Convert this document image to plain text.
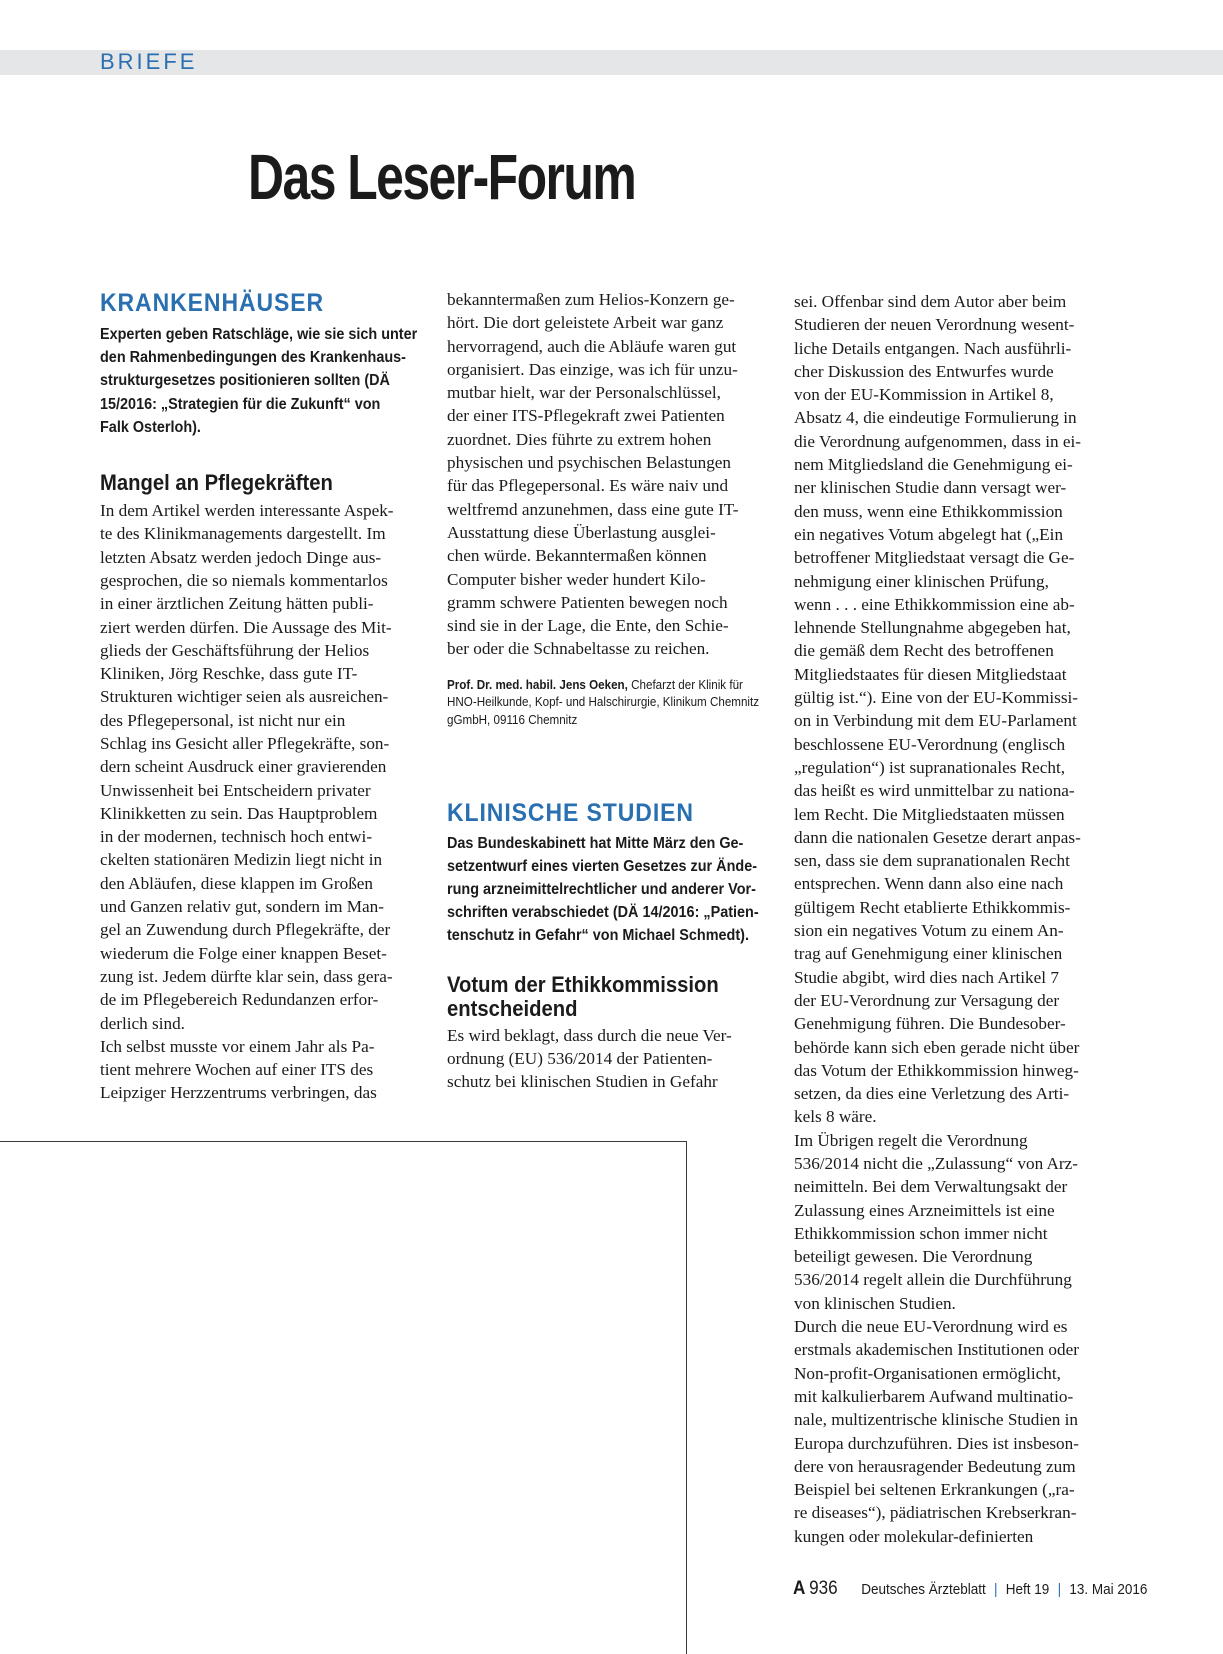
BRIEFE
Das Leser-Forum
KRANKENHÄUSER
Experten geben Ratschläge, wie sie sich unter
den Rahmenbedingungen des Krankenhaus-
strukturgesetzes positionieren sollten (DÄ
15/2016: „Strategien für die Zukunft“ von
Falk Osterloh).
Mangel an Pflegekräften
In dem Artikel werden interessante Aspek-
te des Klinikmanagements dargestellt. Im
letzten Absatz werden jedoch Dinge aus-
gesprochen, die so niemals kommentarlos
in einer ärztlichen Zeitung hätten publi-
ziert werden dürfen. Die Aussage des Mit-
glieds der Geschäftsführung der Helios
Kliniken, Jörg Reschke, dass gute IT-
Strukturen wichtiger seien als ausreichen-
des Pflegepersonal, ist nicht nur ein
Schlag ins Gesicht aller Pflegekräfte, son-
dern scheint Ausdruck einer gravierenden
Unwissenheit bei Entscheidern privater
Klinikketten zu sein. Das Hauptproblem
in der modernen, technisch hoch entwi-
ckelten stationären Medizin liegt nicht in
den Abläufen, diese klappen im Großen
und Ganzen relativ gut, sondern im Man-
gel an Zuwendung durch Pflegekräfte, der
wiederum die Folge einer knappen Beset-
zung ist. Jedem dürfte klar sein, dass gera-
de im Pflegebereich Redundanzen erfor-
derlich sind.
Ich selbst musste vor einem Jahr als Pa-
tient mehrere Wochen auf einer ITS des
Leipziger Herzzentrums verbringen, das
bekanntermaßen zum Helios-Konzern ge-
hört. Die dort geleistete Arbeit war ganz
hervorragend, auch die Abläufe waren gut
organisiert. Das einzige, was ich für unzu-
mutbar hielt, war der Personalschlüssel,
der einer ITS-Pflegekraft zwei Patienten
zuordnet. Dies führte zu extrem hohen
physischen und psychischen Belastungen
für das Pflegepersonal. Es wäre naiv und
weltfremd anzunehmen, dass eine gute IT-
Ausstattung diese Überlastung ausglei-
chen würde. Bekanntermaßen können
Computer bisher weder hundert Kilo-
gramm schwere Patienten bewegen noch
sind sie in der Lage, die Ente, den Schie-
ber oder die Schnabeltasse zu reichen.
Prof. Dr. med. habil. Jens Oeken, Chefarzt der Klinik für
HNO-Heilkunde, Kopf- und Halschirurgie, Klinikum Chemnitz
gGmbH, 09116 Chemnitz
KLINISCHE STUDIEN
Das Bundeskabinett hat Mitte März den Ge-
setzentwurf eines vierten Gesetzes zur Ände-
rung arzneimittelrechtlicher und anderer Vor-
schriften verabschiedet (DÄ 14/2016: „Patien-
tenschutz in Gefahr“ von Michael Schmedt).
Votum der Ethikkommission
entscheidend
Es wird beklagt, dass durch die neue Ver-
ordnung (EU) 536/2014 der Patienten-
schutz bei klinischen Studien in Gefahr
sei. Offenbar sind dem Autor aber beim
Studieren der neuen Verordnung wesent-
liche Details entgangen. Nach ausführli-
cher Diskussion des Entwurfes wurde
von der EU-Kommission in Artikel 8,
Absatz 4, die eindeutige Formulierung in
die Verordnung aufgenommen, dass in ei-
nem Mitgliedsland die Genehmigung ei-
ner klinischen Studie dann versagt wer-
den muss, wenn eine Ethikkommission
ein negatives Votum abgelegt hat („Ein
betroffener Mitgliedstaat versagt die Ge-
nehmigung einer klinischen Prüfung,
wenn . . . eine Ethikkommission eine ab-
lehnende Stellungnahme abgegeben hat,
die gemäß dem Recht des betroffenen
Mitgliedstaates für diesen Mitgliedstaat
gültig ist.“). Eine von der EU-Kommissi-
on in Verbindung mit dem EU-Parlament
beschlossene EU-Verordnung (englisch
„regulation“) ist supranationales Recht,
das heißt es wird unmittelbar zu nationa-
lem Recht. Die Mitgliedstaaten müssen
dann die nationalen Gesetze derart anpas-
sen, dass sie dem supranationalen Recht
entsprechen. Wenn dann also eine nach
gültigem Recht etablierte Ethikkommis-
sion ein negatives Votum zu einem An-
trag auf Genehmigung einer klinischen
Studie abgibt, wird dies nach Artikel 7
der EU-Verordnung zur Versagung der
Genehmigung führen. Die Bundesober-
behörde kann sich eben gerade nicht über
das Votum der Ethikkommission hinweg-
setzen, da dies eine Verletzung des Arti-
kels 8 wäre.
Im Übrigen regelt die Verordnung
536/2014 nicht die „Zulassung“ von Arz-
neimitteln. Bei dem Verwaltungsakt der
Zulassung eines Arzneimittels ist eine
Ethikkommission schon immer nicht
beteiligt gewesen. Die Verordnung
536/2014 regelt allein die Durchführung
von klinischen Studien.
Durch die neue EU-Verordnung wird es
erstmals akademischen Institutionen oder
Non-profit-Organisationen ermöglicht,
mit kalkulierbarem Aufwand multinatio-
nale, multizentrische klinische Studien in
Europa durchzuführen. Dies ist insbeson-
dere von herausragender Bedeutung zum
Beispiel bei seltenen Erkrankungen („ra-
re diseases“), pädiatrischen Krebserkran-
kungen oder molekular-definierten
A 936 Deutsches Ärzteblatt | Heft 19 | 13. Mai 2016
